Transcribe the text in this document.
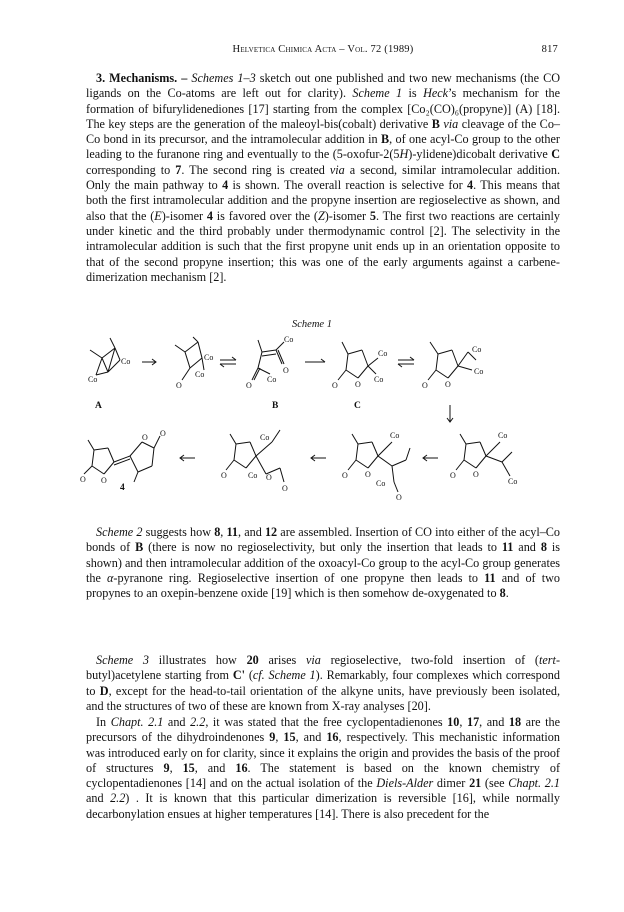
Helvetica Chimica Acta – Vol. 72 (1989)	817

3. Mechanisms. – Schemes 1–3 sketch out one published and two new mechanisms (the CO ligands on the Co-atoms are left out for clarity). Scheme 1 is Heck’s mechanism for the formation of bifurylidenediones [17] starting from the complex [Co₂(CO)₆(propyne)] (A) [18]. The key steps are the generation of the maleoyl-bis(cobalt) derivative B via cleavage of the Co–Co bond in its precursor, and the intramolecular addition in B, of one acyl-Co group to the other leading to the furanone ring and eventually to the (5-oxofur-2(5H)-ylidene)dicobalt derivative C corresponding to 7. The second ring is created via a second, similar intramolecular addition. Only the main pathway to 4 is shown. The overall reaction is selective for 4. This means that both the first intramolecular addition and the propyne insertion are regioselective as shown, and also that the (E)-isomer 4 is favored over the (Z)-isomer 5. The first two reactions are certainly under kinetic and the third probably under thermodynamic control [2]. The selectivity in the intramolecular addition is such that the first propyne unit ends up in an orientation opposite to that of the second propyne insertion; this was one of the early arguments against a carbene-dimerization mechanism [2].

Scheme 1
Co
Co
A
Co
Co
O
Co
Co
O
O
B
Co
Co
O O
C
Co
Co
O O
O O
O O
4
Co
Co
O	O
O
Co
Co
O O
O
Co
Co
O O

Scheme 2 suggests how 8, 11, and 12 are assembled. Insertion of CO into either of the acyl–Co bonds of B (there is now no regioselectivity, but only the insertion that leads to 11 and 8 is shown) and then intramolecular addition of the oxoacyl-Co group to the acyl-Co group generates the α-pyranone ring. Regioselective insertion of one propyne then leads to 11 and of two propynes to an oxepin-benzene oxide [19] which is then somehow de-oxygenated to 8.

Scheme 3 illustrates how 20 arises via regioselective, two-fold insertion of (tert-butyl)acetylene starting from C' (cf. Scheme 1). Remarkably, four complexes which correspond to D, except for the head-to-tail orientation of the alkyne units, have previously been isolated, and the structures of two of these are known from X-ray analyses [20].

In Chapt. 2.1 and 2.2, it was stated that the free cyclopentadienones 10, 17, and 18 are the precursors of the dihydroindenones 9, 15, and 16, respectively. This mechanistic information was introduced early on for clarity, since it explains the origin and provides the basis of the proof of structures 9, 15, and 16. The statement is based on the known chemistry of cyclopentadienones [14] and on the actual isolation of the Diels-Alder dimer 21 (see Chapt. 2.1 and 2.2) . It is known that this particular dimerization is reversible [16], while normally decarbonylation ensues at higher temperatures [14]. There is also precedent for the
